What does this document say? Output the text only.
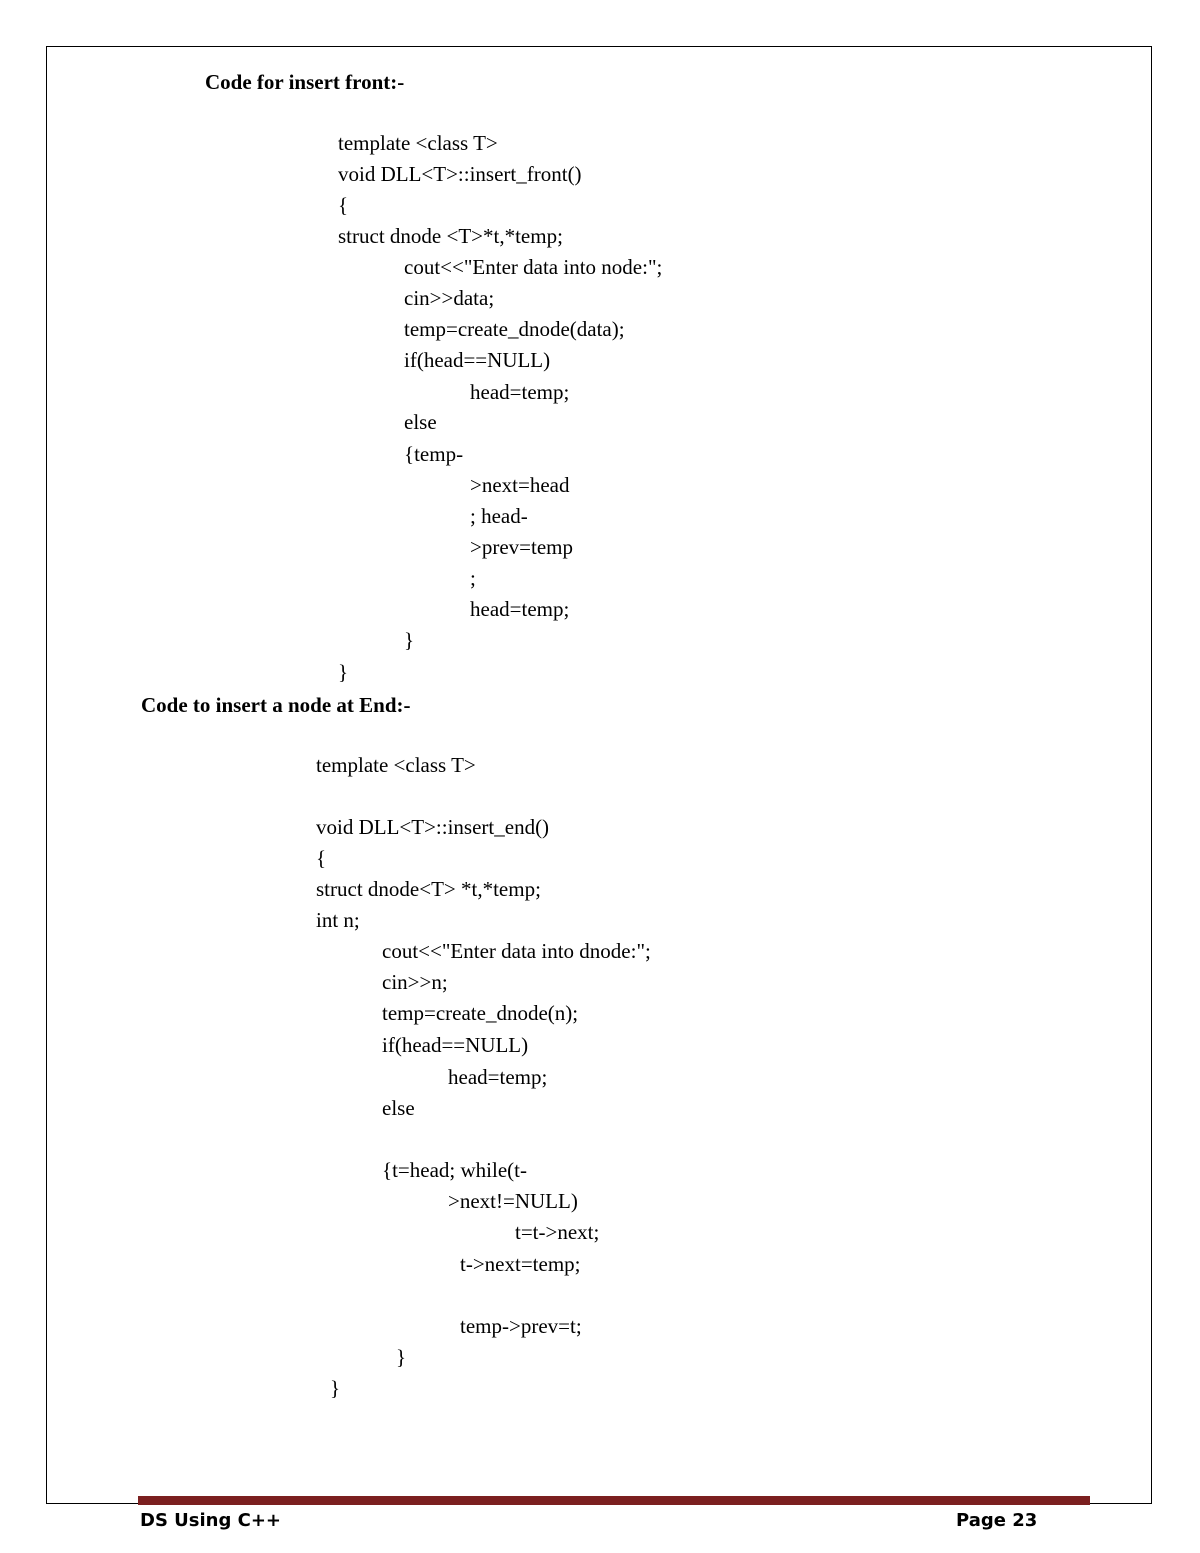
Code for insert front:-
template <class T>
void DLL<T>::insert_front()
{
struct dnode <T>*t,*temp;
cout<<"Enter data into node:";
cin>>data;
temp=create_dnode(data);
if(head==NULL)
head=temp;
else
{temp-
>next=head
; head-
>prev=temp
;
head=temp;
}
}
Code to insert a node at End:-
template <class T>
void DLL<T>::insert_end()
{
struct dnode<T> *t,*temp;
int n;
cout<<"Enter data into dnode:";
cin>>n;
temp=create_dnode(n);
if(head==NULL)
head=temp;
else
{t=head; while(t-
>next!=NULL)
t=t->next;
t->next=temp;
temp->prev=t;
}
}
DS Using C++	Page 23
